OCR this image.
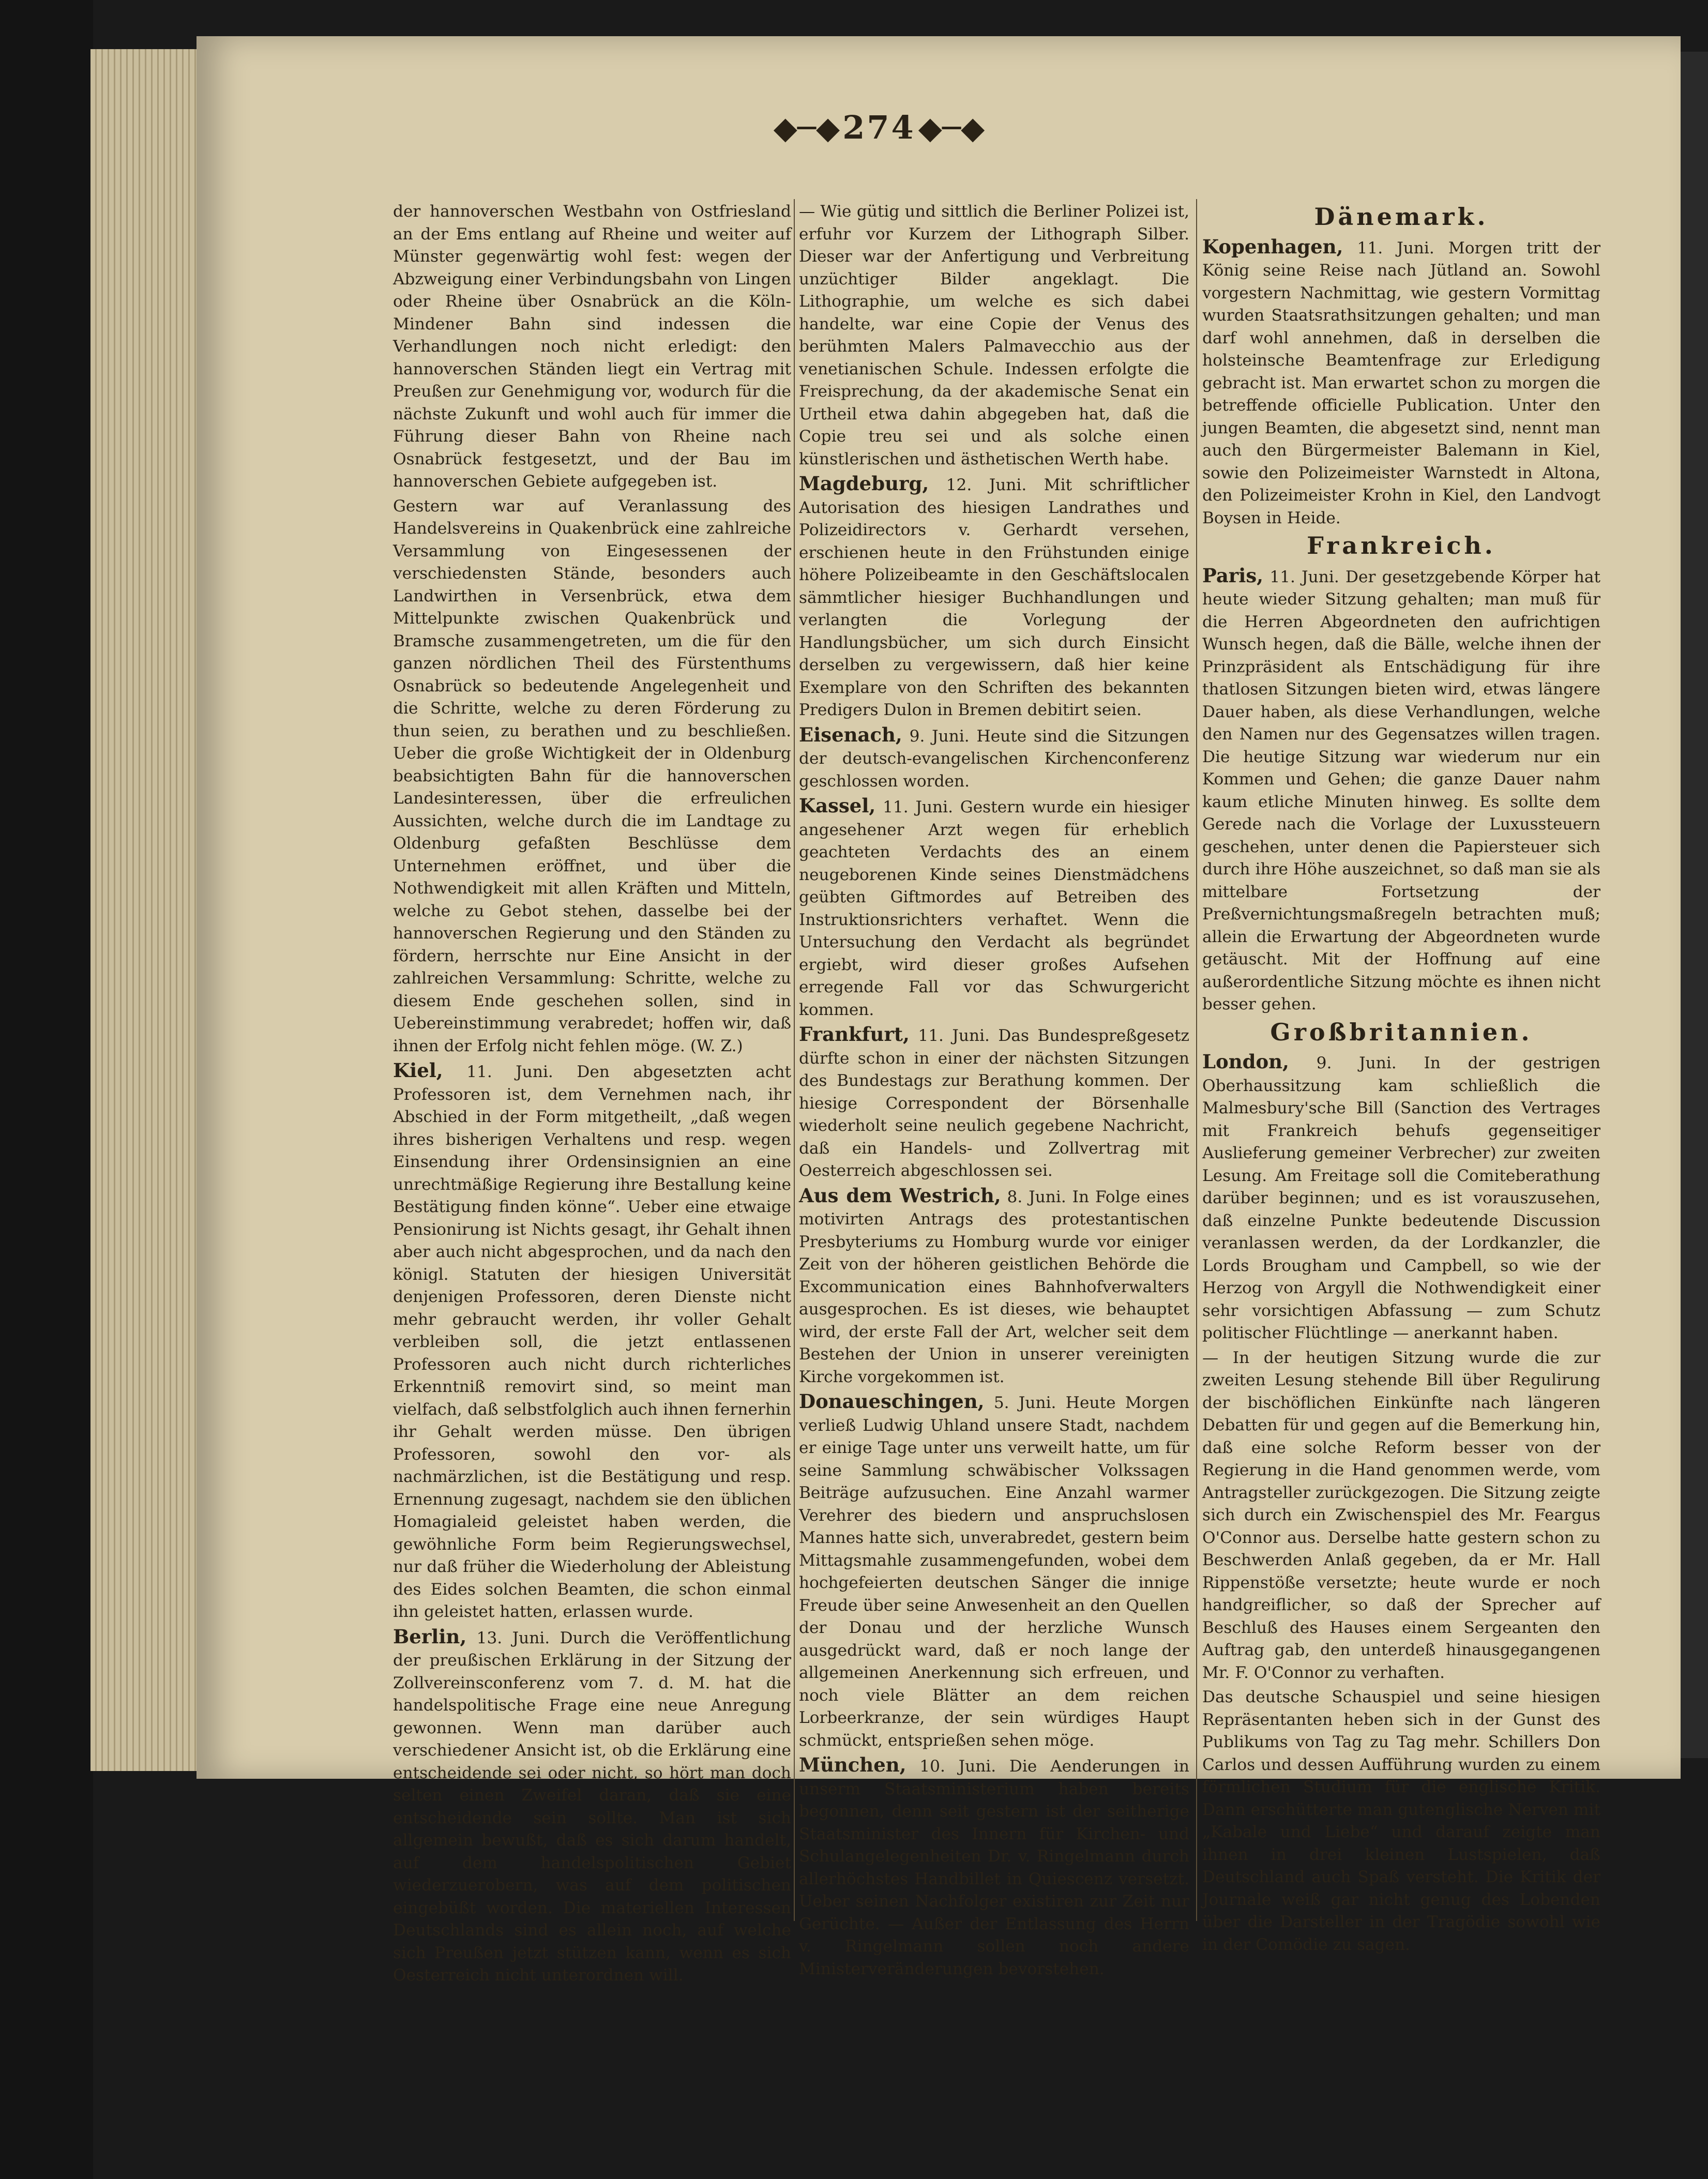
◆─◆ 274 ◆─◆

der hannoverschen Westbahn von Ostfriesland an der Ems entlang auf Rheine und weiter auf Münster gegenwärtig wohl fest: wegen der Abzweigung einer Verbindungsbahn von Lingen oder Rheine über Osnabrück an die Köln-Mindener Bahn sind indessen die Verhandlungen noch nicht erledigt: den hannoverschen Ständen liegt ein Vertrag mit Preußen zur Genehmigung vor, wodurch für die nächste Zukunft und wohl auch für immer die Führung dieser Bahn von Rheine nach Osnabrück festgesetzt, und der Bau im hannoverschen Gebiete aufgegeben ist.

Gestern war auf Veranlassung des Handelsvereins in Quakenbrück eine zahlreiche Versammlung von Eingesessenen der verschiedensten Stände, besonders auch Landwirthen in Versenbrück, etwa dem Mittelpunkte zwischen Quakenbrück und Bramsche zusammengetreten, um die für den ganzen nördlichen Theil des Fürstenthums Osnabrück so bedeutende Angelegenheit und die Schritte, welche zu deren Förderung zu thun seien, zu berathen und zu beschließen. Ueber die große Wichtigkeit der in Oldenburg beabsichtigten Bahn für die hannoverschen Landesinteressen, über die erfreulichen Aussichten, welche durch die im Landtage zu Oldenburg gefaßten Beschlüsse dem Unternehmen eröffnet, und über die Nothwendigkeit mit allen Kräften und Mitteln, welche zu Gebot stehen, dasselbe bei der hannoverschen Regierung und den Ständen zu fördern, herrschte nur Eine Ansicht in der zahlreichen Versammlung: Schritte, welche zu diesem Ende geschehen sollen, sind in Uebereinstimmung verabredet; hoffen wir, daß ihnen der Erfolg nicht fehlen möge. (W. Z.)

Kiel, 11. Juni. Den abgesetzten acht Professoren ist, dem Vernehmen nach, ihr Abschied in der Form mitgetheilt, „daß wegen ihres bisherigen Verhaltens und resp. wegen Einsendung ihrer Ordensinsignien an eine unrechtmäßige Regierung ihre Bestallung keine Bestätigung finden könne“. Ueber eine etwaige Pensionirung ist Nichts gesagt, ihr Gehalt ihnen aber auch nicht abgesprochen, und da nach den königl. Statuten der hiesigen Universität denjenigen Professoren, deren Dienste nicht mehr gebraucht werden, ihr voller Gehalt verbleiben soll, die jetzt entlassenen Professoren auch nicht durch richterliches Erkenntniß removirt sind, so meint man vielfach, daß selbstfolglich auch ihnen fernerhin ihr Gehalt werden müsse. Den übrigen Professoren, sowohl den vor- als nachmärzlichen, ist die Bestätigung und resp. Ernennung zugesagt, nachdem sie den üblichen Homagialeid geleistet haben werden, die gewöhnliche Form beim Regierungswechsel, nur daß früher die Wiederholung der Ableistung des Eides solchen Beamten, die schon einmal ihn geleistet hatten, erlassen wurde.

Berlin, 13. Juni. Durch die Veröffentlichung der preußischen Erklärung in der Sitzung der Zollvereinsconferenz vom 7. d. M. hat die handelspolitische Frage eine neue Anregung gewonnen. Wenn man darüber auch verschiedener Ansicht ist, ob die Erklärung eine entscheidende sei oder nicht, so hört man doch selten einen Zweifel daran, daß sie eine entscheidende sein sollte. Man ist sich allgemein bewußt, daß es sich darum handelt, auf dem handelspolitischen Gebiet wiederzuerobern, was auf dem politischen eingebüßt worden. Die materiellen Interessen Deutschlands sind es allein noch, auf welche sich Preußen jetzt stützen kann, wenn es sich Oesterreich nicht unterordnen will.

— Wie gütig und sittlich die Berliner Polizei ist, erfuhr vor Kurzem der Lithograph Silber. Dieser war der Anfertigung und Verbreitung unzüchtiger Bilder angeklagt. Die Lithographie, um welche es sich dabei handelte, war eine Copie der Venus des berühmten Malers Palmavecchio aus der venetianischen Schule. Indessen erfolgte die Freisprechung, da der akademische Senat ein Urtheil etwa dahin abgegeben hat, daß die Copie treu sei und als solche einen künstlerischen und ästhetischen Werth habe.

Magdeburg, 12. Juni. Mit schriftlicher Autorisation des hiesigen Landrathes und Polizeidirectors v. Gerhardt versehen, erschienen heute in den Frühstunden einige höhere Polizeibeamte in den Geschäftslocalen sämmtlicher hiesiger Buchhandlungen und verlangten die Vorlegung der Handlungsbücher, um sich durch Einsicht derselben zu vergewissern, daß hier keine Exemplare von den Schriften des bekannten Predigers Dulon in Bremen debitirt seien.

Eisenach, 9. Juni. Heute sind die Sitzungen der deutsch-evangelischen Kirchenconferenz geschlossen worden.

Kassel, 11. Juni. Gestern wurde ein hiesiger angesehener Arzt wegen für erheblich geachteten Verdachts des an einem neugeborenen Kinde seines Dienstmädchens geübten Giftmordes auf Betreiben des Instruktionsrichters verhaftet. Wenn die Untersuchung den Verdacht als begründet ergiebt, wird dieser großes Aufsehen erregende Fall vor das Schwurgericht kommen.

Frankfurt, 11. Juni. Das Bundespreßgesetz dürfte schon in einer der nächsten Sitzungen des Bundestags zur Berathung kommen. Der hiesige Correspondent der Börsenhalle wiederholt seine neulich gegebene Nachricht, daß ein Handels- und Zollvertrag mit Oesterreich abgeschlossen sei.

Aus dem Westrich, 8. Juni. In Folge eines motivirten Antrags des protestantischen Presbyteriums zu Homburg wurde vor einiger Zeit von der höheren geistlichen Behörde die Excommunication eines Bahnhofverwalters ausgesprochen. Es ist dieses, wie behauptet wird, der erste Fall der Art, welcher seit dem Bestehen der Union in unserer vereinigten Kirche vorgekommen ist.

Donaueschingen, 5. Juni. Heute Morgen verließ Ludwig Uhland unsere Stadt, nachdem er einige Tage unter uns verweilt hatte, um für seine Sammlung schwäbischer Volkssagen Beiträge aufzusuchen. Eine Anzahl warmer Verehrer des biedern und anspruchslosen Mannes hatte sich, unverabredet, gestern beim Mittagsmahle zusammengefunden, wobei dem hochgefeierten deutschen Sänger die innige Freude über seine Anwesenheit an den Quellen der Donau und der herzliche Wunsch ausgedrückt ward, daß er noch lange der allgemeinen Anerkennung sich erfreuen, und noch viele Blätter an dem reichen Lorbeerkranze, der sein würdiges Haupt schmückt, entsprießen sehen möge.

München, 10. Juni. Die Aenderungen in unserm Staatsministerium haben bereits begonnen, denn seit gestern ist der seitherige Staatsminister des Innern für Kirchen- und Schulangelegenheiten Dr. v. Ringelmann durch allerhöchstes Handbillet in Quiescenz versetzt. Ueber seinen Nachfolger existiren zur Zeit nur Gerüchte. — Außer der Entlassung des Herrn v. Ringelmann sollen noch andere Ministerveränderungen bevorstehen.

Dänemark.

Kopenhagen, 11. Juni. Morgen tritt der König seine Reise nach Jütland an. Sowohl vorgestern Nachmittag, wie gestern Vormittag wurden Staatsrathsitzungen gehalten; und man darf wohl annehmen, daß in derselben die holsteinsche Beamtenfrage zur Erledigung gebracht ist. Man erwartet schon zu morgen die betreffende officielle Publication. Unter den jungen Beamten, die abgesetzt sind, nennt man auch den Bürgermeister Balemann in Kiel, sowie den Polizeimeister Warnstedt in Altona, den Polizeimeister Krohn in Kiel, den Landvogt Boysen in Heide.

Frankreich.

Paris, 11. Juni. Der gesetzgebende Körper hat heute wieder Sitzung gehalten; man muß für die Herren Abgeordneten den aufrichtigen Wunsch hegen, daß die Bälle, welche ihnen der Prinzpräsident als Entschädigung für ihre thatlosen Sitzungen bieten wird, etwas längere Dauer haben, als diese Verhandlungen, welche den Namen nur des Gegensatzes willen tragen. Die heutige Sitzung war wiederum nur ein Kommen und Gehen; die ganze Dauer nahm kaum etliche Minuten hinweg. Es sollte dem Gerede nach die Vorlage der Luxussteuern geschehen, unter denen die Papiersteuer sich durch ihre Höhe auszeichnet, so daß man sie als mittelbare Fortsetzung der Preßvernichtungsmaßregeln betrachten muß; allein die Erwartung der Abgeordneten wurde getäuscht. Mit der Hoffnung auf eine außerordentliche Sitzung möchte es ihnen nicht besser gehen.

Großbritannien.

London, 9. Juni. In der gestrigen Oberhaussitzung kam schließlich die Malmesbury'sche Bill (Sanction des Vertrages mit Frankreich behufs gegenseitiger Auslieferung gemeiner Verbrecher) zur zweiten Lesung. Am Freitage soll die Comiteberathung darüber beginnen; und es ist vorauszusehen, daß einzelne Punkte bedeutende Discussion veranlassen werden, da der Lordkanzler, die Lords Brougham und Campbell, so wie der Herzog von Argyll die Nothwendigkeit einer sehr vorsichtigen Abfassung — zum Schutz politischer Flüchtlinge — anerkannt haben.

— In der heutigen Sitzung wurde die zur zweiten Lesung stehende Bill über Regulirung der bischöflichen Einkünfte nach längeren Debatten für und gegen auf die Bemerkung hin, daß eine solche Reform besser von der Regierung in die Hand genommen werde, vom Antragsteller zurückgezogen. Die Sitzung zeigte sich durch ein Zwischenspiel des Mr. Feargus O'Connor aus. Derselbe hatte gestern schon zu Beschwerden Anlaß gegeben, da er Mr. Hall Rippenstöße versetzte; heute wurde er noch handgreiflicher, so daß der Sprecher auf Beschluß des Hauses einem Sergeanten den Auftrag gab, den unterdeß hinausgegangenen Mr. F. O'Connor zu verhaften.

Das deutsche Schauspiel und seine hiesigen Repräsentanten heben sich in der Gunst des Publikums von Tag zu Tag mehr. Schillers Don Carlos und dessen Aufführung wurden zu einem förmlichen Studium für die englische Kritik. Dann erschütterte man gutenglische Nerven mit „Kabale und Liebe“ und darauf zeigte man ihnen in drei kleinen Lustspielen, daß Deutschland auch Spaß versteht. Die Kritik der Journale weiß gar nicht genug des Lobenden über die Darsteller in der Tragödie sowohl wie in der Comödie zu sagen.
